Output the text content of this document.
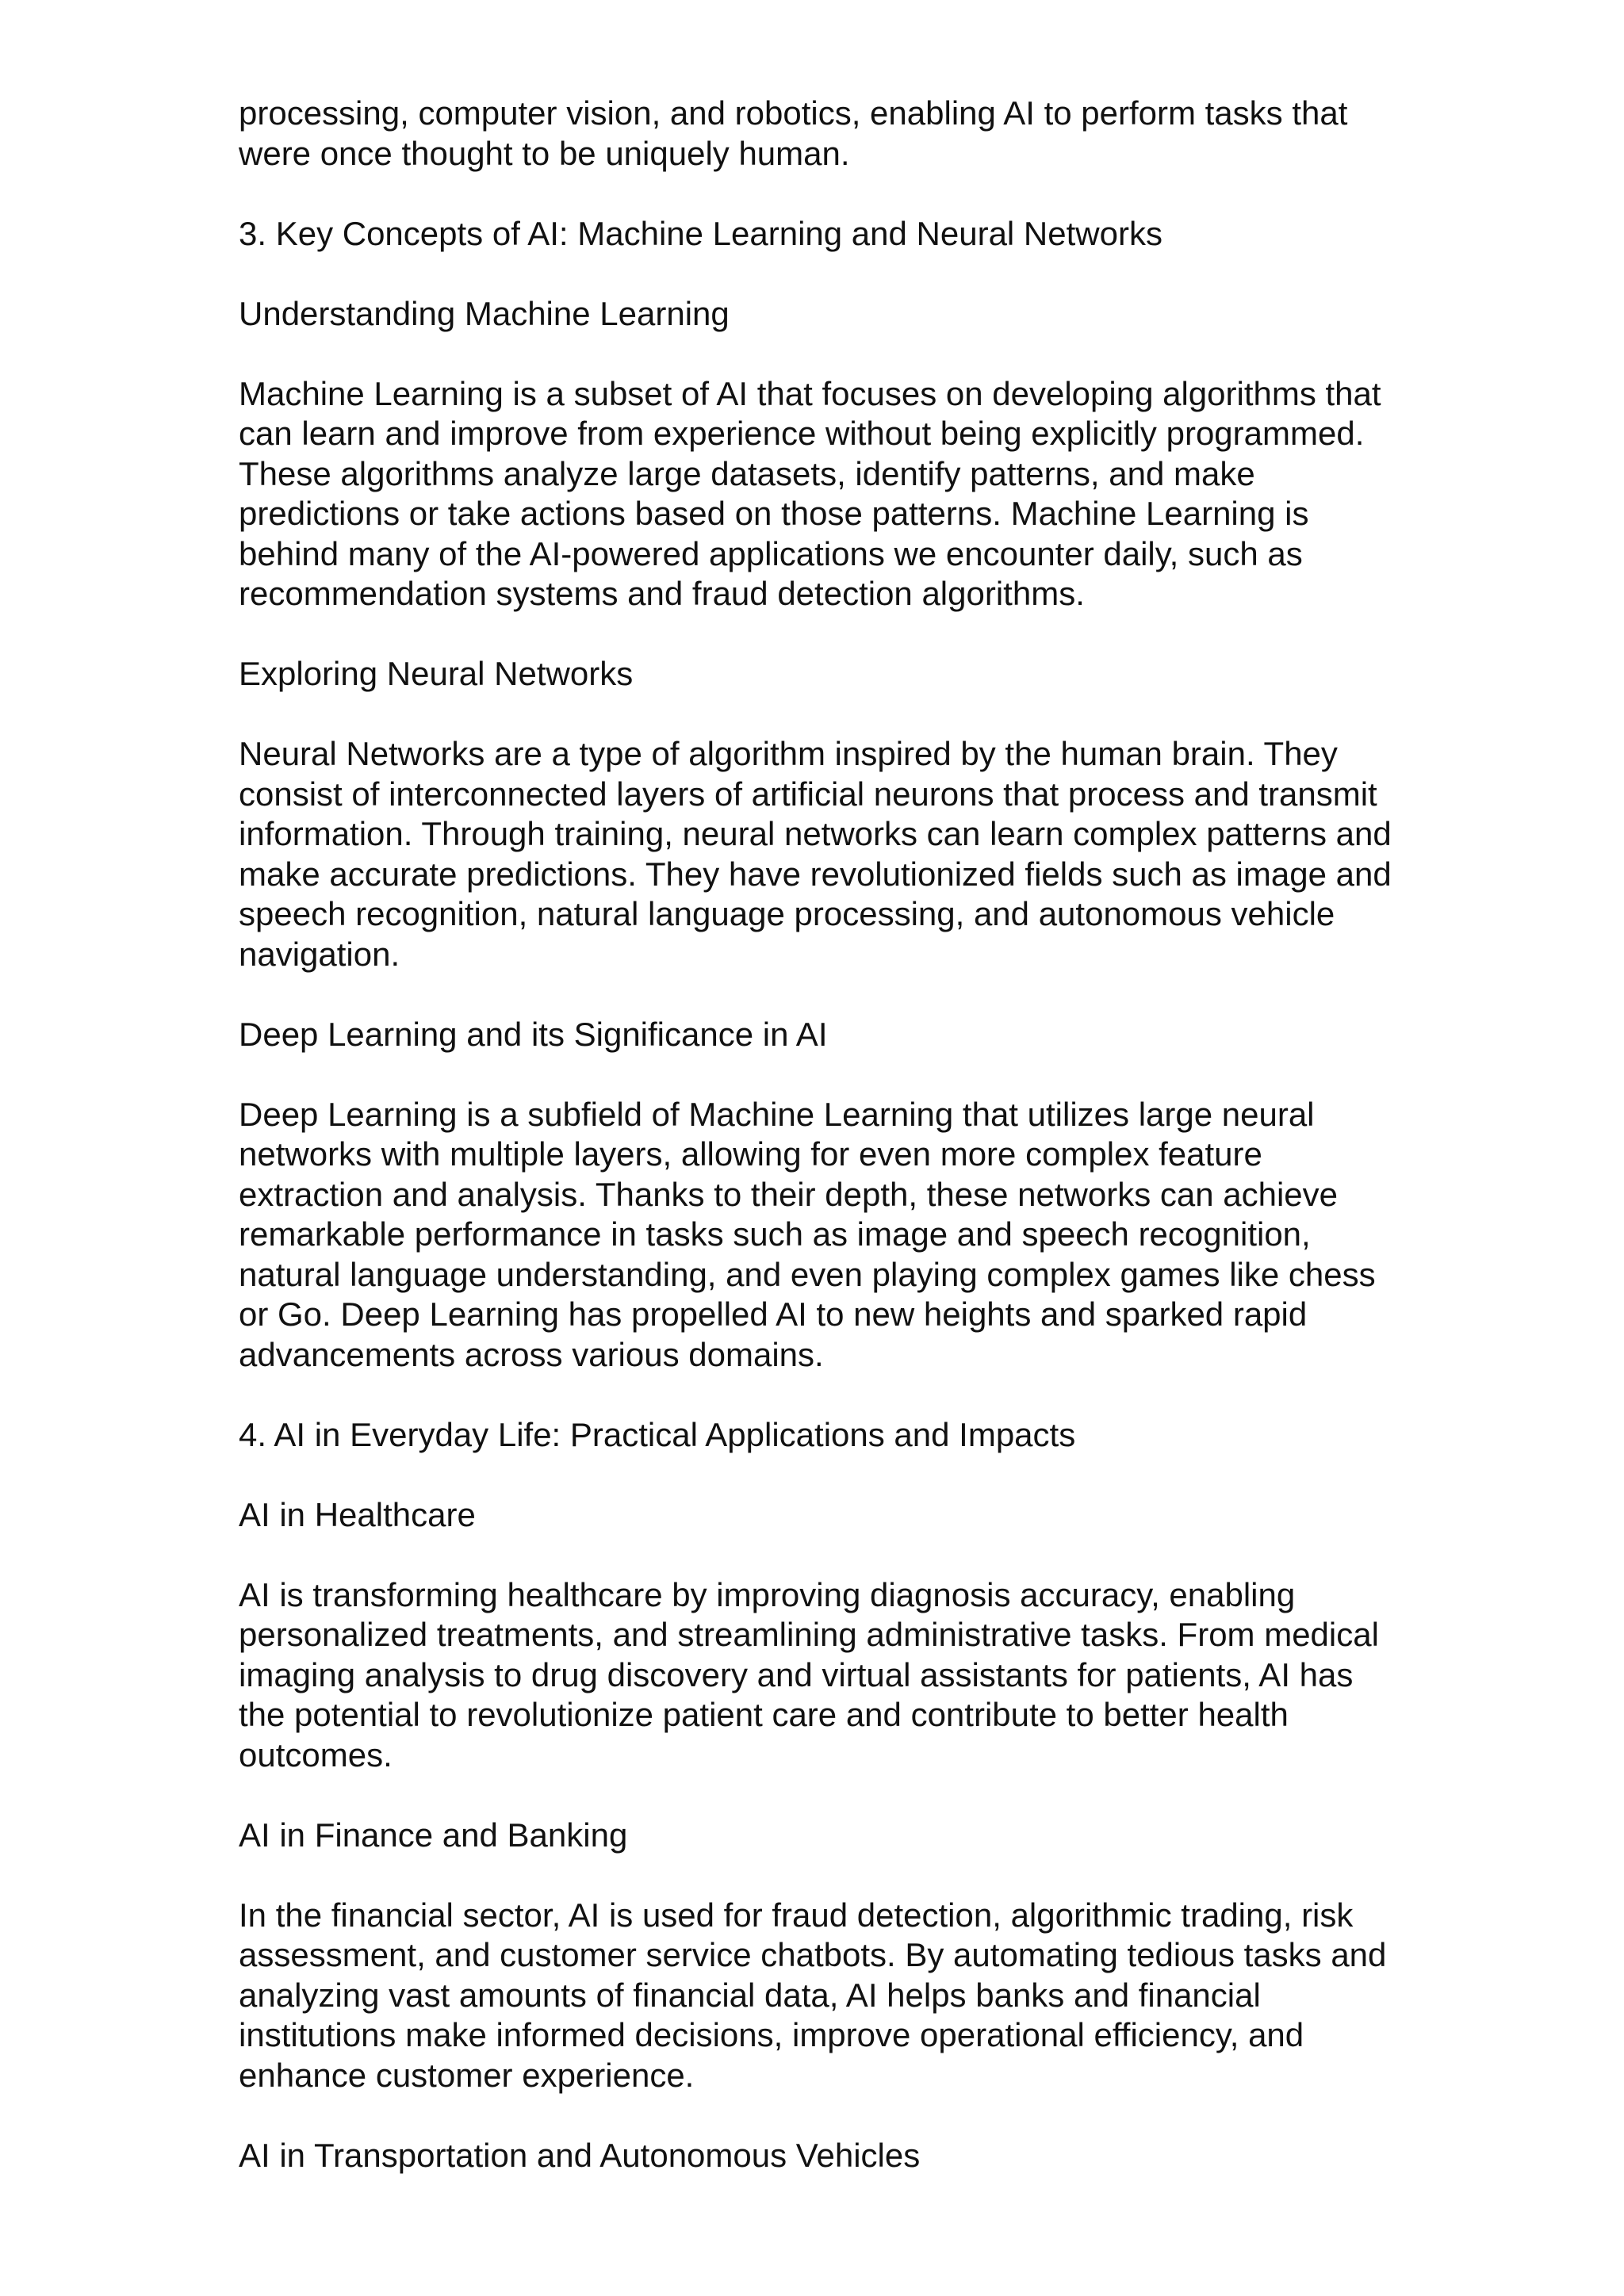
processing, computer vision, and robotics, enabling AI to perform tasks that
were once thought to be uniquely human.

3. Key Concepts of AI: Machine Learning and Neural Networks

Understanding Machine Learning

Machine Learning is a subset of AI that focuses on developing algorithms that
can learn and improve from experience without being explicitly programmed.
These algorithms analyze large datasets, identify patterns, and make
predictions or take actions based on those patterns. Machine Learning is
behind many of the AI-powered applications we encounter daily, such as
recommendation systems and fraud detection algorithms.

Exploring Neural Networks

Neural Networks are a type of algorithm inspired by the human brain. They
consist of interconnected layers of artificial neurons that process and transmit
information. Through training, neural networks can learn complex patterns and
make accurate predictions. They have revolutionized fields such as image and
speech recognition, natural language processing, and autonomous vehicle
navigation.

Deep Learning and its Significance in AI

Deep Learning is a subfield of Machine Learning that utilizes large neural
networks with multiple layers, allowing for even more complex feature
extraction and analysis. Thanks to their depth, these networks can achieve
remarkable performance in tasks such as image and speech recognition,
natural language understanding, and even playing complex games like chess
or Go. Deep Learning has propelled AI to new heights and sparked rapid
advancements across various domains.

4. AI in Everyday Life: Practical Applications and Impacts

AI in Healthcare

AI is transforming healthcare by improving diagnosis accuracy, enabling
personalized treatments, and streamlining administrative tasks. From medical
imaging analysis to drug discovery and virtual assistants for patients, AI has
the potential to revolutionize patient care and contribute to better health
outcomes.

AI in Finance and Banking

In the financial sector, AI is used for fraud detection, algorithmic trading, risk
assessment, and customer service chatbots. By automating tedious tasks and
analyzing vast amounts of financial data, AI helps banks and financial
institutions make informed decisions, improve operational efficiency, and
enhance customer experience.

AI in Transportation and Autonomous Vehicles
